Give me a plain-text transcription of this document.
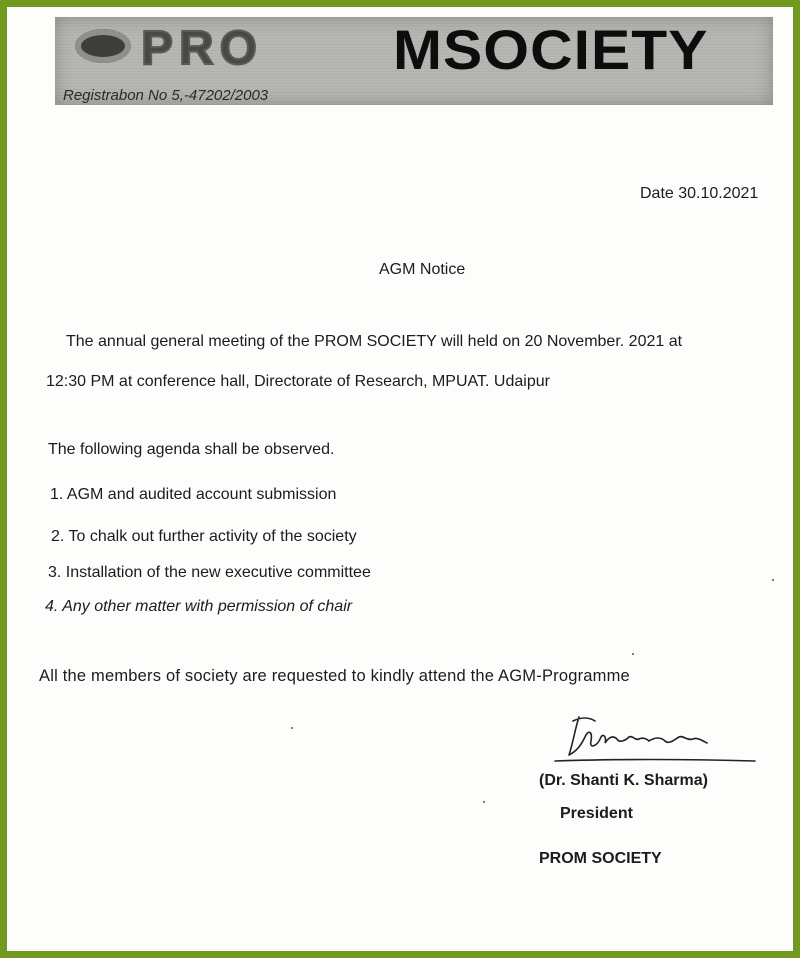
PRO MSOCIETY
Registrabon No 5,-47202/2003
Date 30.10.2021
AGM Notice
The annual general meeting of the PROM SOCIETY will held on 20 November. 2021 at
12:30 PM at conference hall, Directorate of Research, MPUAT. Udaipur
The following agenda shall be observed.
1. AGM and audited account submission
2. To chalk out further activity of the society
3. Installation of the new executive committee
4. Any other matter with permission of chair
All the members of society are requested to kindly attend the AGM-Programme
(Dr. Shanti K. Sharma)
President
PROM SOCIETY
